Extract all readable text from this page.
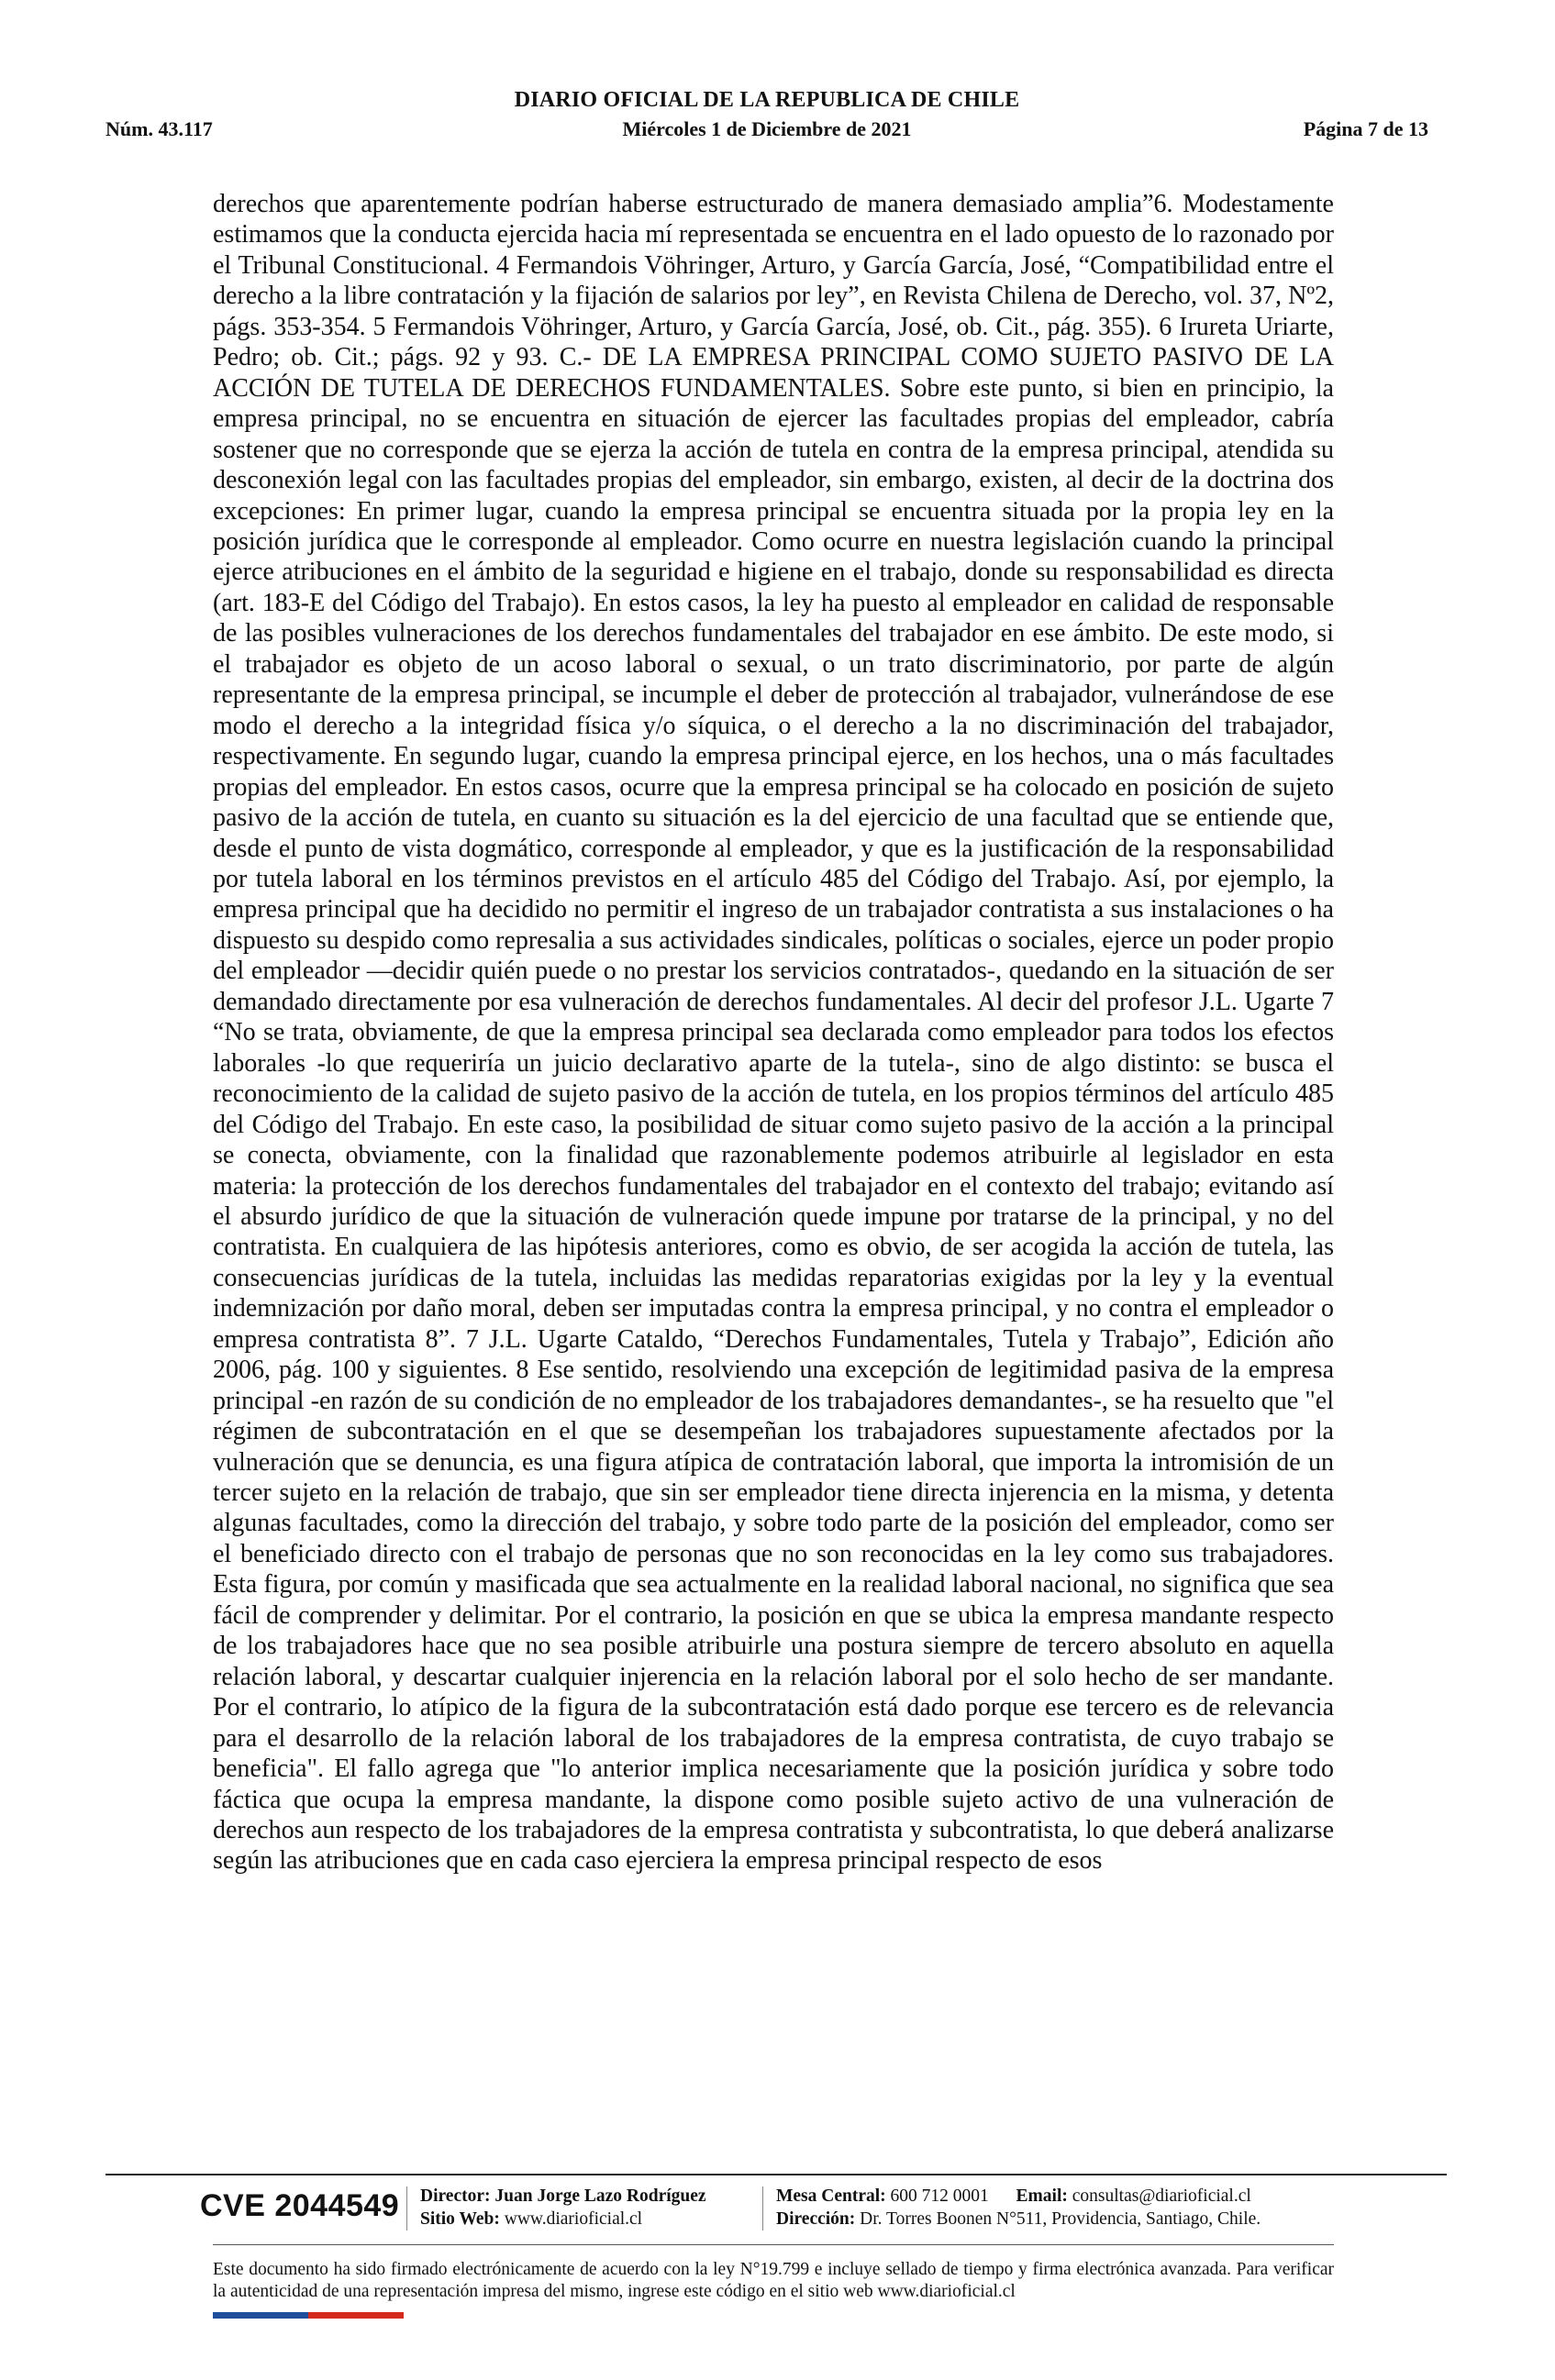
DIARIO OFICIAL DE LA REPUBLICA DE CHILE
Núm. 43.117	Miércoles 1 de Diciembre de 2021	Página 7 de 13

derechos que aparentemente podrían haberse estructurado de manera demasiado amplia”6. Modestamente estimamos que la conducta ejercida hacia mí representada se encuentra en el lado opuesto de lo razonado por el Tribunal Constitucional. 4 Fermandois Vöhringer, Arturo, y García García, José, “Compatibilidad entre el derecho a la libre contratación y la fijación de salarios por ley”, en Revista Chilena de Derecho, vol. 37, Nº2, págs. 353-354. 5 Fermandois Vöhringer, Arturo, y García García, José, ob. Cit., pág. 355). 6 Irureta Uriarte, Pedro; ob. Cit.; págs. 92 y 93. C.- DE LA EMPRESA PRINCIPAL COMO SUJETO PASIVO DE LA ACCIÓN DE TUTELA DE DERECHOS FUNDAMENTALES. Sobre este punto, si bien en principio, la empresa principal, no se encuentra en situación de ejercer las facultades propias del empleador, cabría sostener que no corresponde que se ejerza la acción de tutela en contra de la empresa principal, atendida su desconexión legal con las facultades propias del empleador, sin embargo, existen, al decir de la doctrina dos excepciones: En primer lugar, cuando la empresa principal se encuentra situada por la propia ley en la posición jurídica que le corresponde al empleador. Como ocurre en nuestra legislación cuando la principal ejerce atribuciones en el ámbito de la seguridad e higiene en el trabajo, donde su responsabilidad es directa (art. 183-E del Código del Trabajo). En estos casos, la ley ha puesto al empleador en calidad de responsable de las posibles vulneraciones de los derechos fundamentales del trabajador en ese ámbito. De este modo, si el trabajador es objeto de un acoso laboral o sexual, o un trato discriminatorio, por parte de algún representante de la empresa principal, se incumple el deber de protección al trabajador, vulnerándose de ese modo el derecho a la integridad física y/o síquica, o el derecho a la no discriminación del trabajador, respectivamente. En segundo lugar, cuando la empresa principal ejerce, en los hechos, una o más facultades propias del empleador. En estos casos, ocurre que la empresa principal se ha colocado en posición de sujeto pasivo de la acción de tutela, en cuanto su situación es la del ejercicio de una facultad que se entiende que, desde el punto de vista dogmático, corresponde al empleador, y que es la justificación de la responsabilidad por tutela laboral en los términos previstos en el artículo 485 del Código del Trabajo. Así, por ejemplo, la empresa principal que ha decidido no permitir el ingreso de un trabajador contratista a sus instalaciones o ha dispuesto su despido como represalia a sus actividades sindicales, políticas o sociales, ejerce un poder propio del empleador —decidir quién puede o no prestar los servicios contratados-, quedando en la situación de ser demandado directamente por esa vulneración de derechos fundamentales. Al decir del profesor J.L. Ugarte 7 “No se trata, obviamente, de que la empresa principal sea declarada como empleador para todos los efectos laborales -lo que requeriría un juicio declarativo aparte de la tutela-, sino de algo distinto: se busca el reconocimiento de la calidad de sujeto pasivo de la acción de tutela, en los propios términos del artículo 485 del Código del Trabajo. En este caso, la posibilidad de situar como sujeto pasivo de la acción a la principal se conecta, obviamente, con la finalidad que razonablemente podemos atribuirle al legislador en esta materia: la protección de los derechos fundamentales del trabajador en el contexto del trabajo; evitando así el absurdo jurídico de que la situación de vulneración quede impune por tratarse de la principal, y no del contratista. En cualquiera de las hipótesis anteriores, como es obvio, de ser acogida la acción de tutela, las consecuencias jurídicas de la tutela, incluidas las medidas reparatorias exigidas por la ley y la eventual indemnización por daño moral, deben ser imputadas contra la empresa principal, y no contra el empleador o empresa contratista 8”. 7 J.L. Ugarte Cataldo, “Derechos Fundamentales, Tutela y Trabajo”, Edición año 2006, pág. 100 y siguientes. 8 Ese sentido, resolviendo una excepción de legitimidad pasiva de la empresa principal -en razón de su condición de no empleador de los trabajadores demandantes-, se ha resuelto que "el régimen de subcontratación en el que se desempeñan los trabajadores supuestamente afectados por la vulneración que se denuncia, es una figura atípica de contratación laboral, que importa la intromisión de un tercer sujeto en la relación de trabajo, que sin ser empleador tiene directa injerencia en la misma, y detenta algunas facultades, como la dirección del trabajo, y sobre todo parte de la posición del empleador, como ser el beneficiado directo con el trabajo de personas que no son reconocidas en la ley como sus trabajadores. Esta figura, por común y masificada que sea actualmente en la realidad laboral nacional, no significa que sea fácil de comprender y delimitar. Por el contrario, la posición en que se ubica la empresa mandante respecto de los trabajadores hace que no sea posible atribuirle una postura siempre de tercero absoluto en aquella relación laboral, y descartar cualquier injerencia en la relación laboral por el solo hecho de ser mandante. Por el contrario, lo atípico de la figura de la subcontratación está dado porque ese tercero es de relevancia para el desarrollo de la relación laboral de los trabajadores de la empresa contratista, de cuyo trabajo se beneficia". El fallo agrega que "lo anterior implica necesariamente que la posición jurídica y sobre todo fáctica que ocupa la empresa mandante, la dispone como posible sujeto activo de una vulneración de derechos aun respecto de los trabajadores de la empresa contratista y subcontratista, lo que deberá analizarse según las atribuciones que en cada caso ejerciera la empresa principal respecto de esos

CVE 2044549 Director: Juan Jorge Lazo Rodríguez
Sitio Web: www.diarioficial.cl
Mesa Central: 600 712 0001 Email: consultas@diarioficial.cl
Dirección: Dr. Torres Boonen N°511, Providencia, Santiago, Chile.

Este documento ha sido firmado electrónicamente de acuerdo con la ley N°19.799 e incluye sellado de tiempo y firma electrónica avanzada. Para verificar la autenticidad de una representación impresa del mismo, ingrese este código en el sitio web www.diarioficial.cl
